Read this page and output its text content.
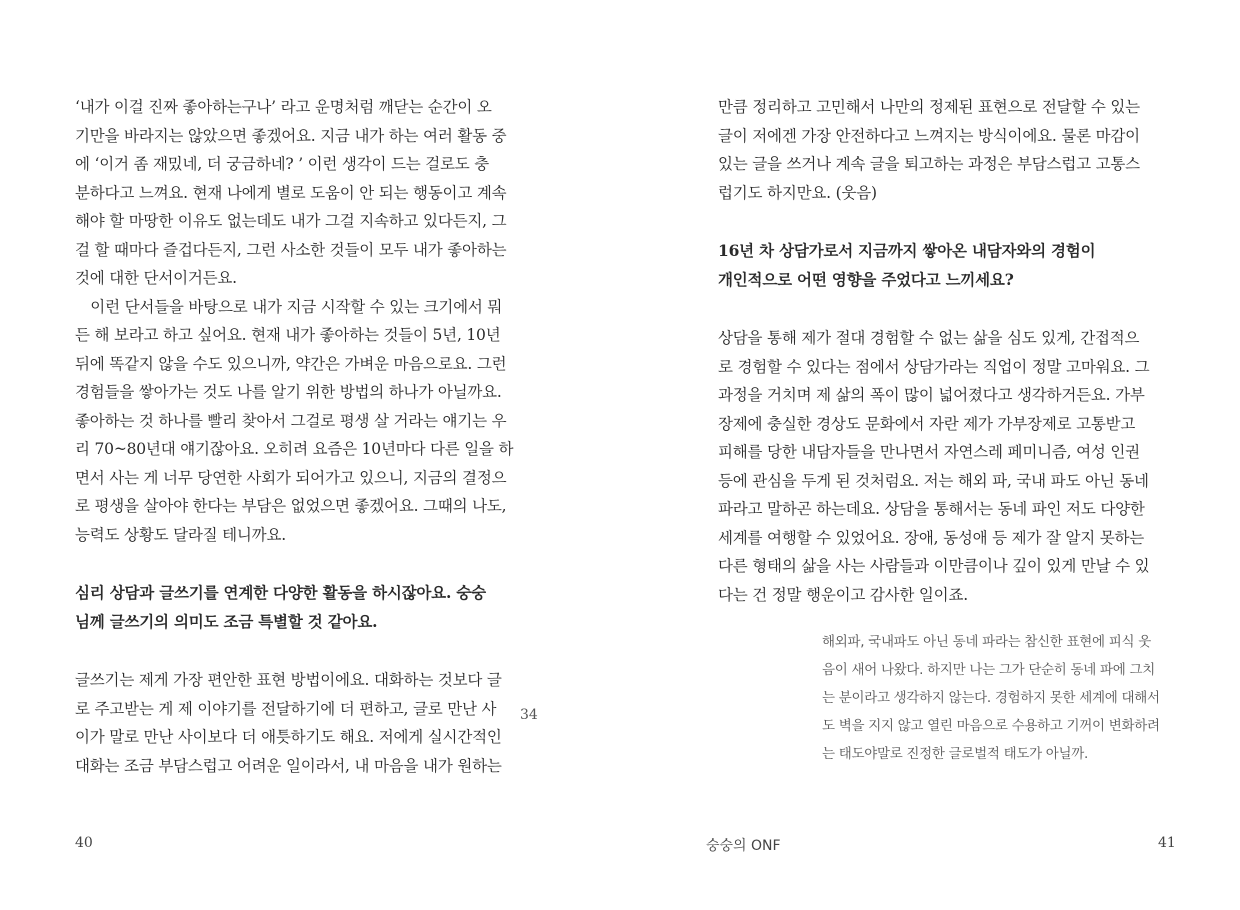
‘내가 이걸 진짜 좋아하는구나’ 라고 운명처럼 깨닫는 순간이 오

기만을 바라지는 않았으면 좋겠어요. 지금 내가 하는 여러 활동 중

에 ‘이거 좀 재밌네, 더 궁금하네? ’ 이런 생각이 드는 걸로도 충

분하다고 느껴요. 현재 나에게 별로 도움이 안 되는 행동이고 계속

해야 할 마땅한 이유도 없는데도 내가 그걸 지속하고 있다든지, 그

걸 할 때마다 즐겁다든지, 그런 사소한 것들이 모두 내가 좋아하는

것에 대한 단서이거든요.

　이런 단서들을 바탕으로 내가 지금 시작할 수 있는 크기에서 뭐

든 해 보라고 하고 싶어요. 현재 내가 좋아하는 것들이 5년, 10년

뒤에 똑같지 않을 수도 있으니까, 약간은 가벼운 마음으로요. 그런

경험들을 쌓아가는 것도 나를 알기 위한 방법의 하나가 아닐까요.

좋아하는 것 하나를 빨리 찾아서 그걸로 평생 살 거라는 얘기는 우

리 70~80년대 얘기잖아요. 오히려 요즘은 10년마다 다른 일을 하

면서 사는 게 너무 당연한 사회가 되어가고 있으니, 지금의 결정으

로 평생을 살아야 한다는 부담은 없었으면 좋겠어요. 그때의 나도,

능력도 상황도 달라질 테니까요.

심리 상담과 글쓰기를 연계한 다양한 활동을 하시잖아요. 숭숭

님께 글쓰기의 의미도 조금 특별할 것 같아요.

글쓰기는 제게 가장 편안한 표현 방법이에요. 대화하는 것보다 글

로 주고받는 게 제 이야기를 전달하기에 더 편하고, 글로 만난 사

이가 말로 만난 사이보다 더 애틋하기도 해요. 저에게 실시간적인

대화는 조금 부담스럽고 어려운 일이라서, 내 마음을 내가 원하는

34
40

만큼 정리하고 고민해서 나만의 정제된 표현으로 전달할 수 있는

글이 저에겐 가장 안전하다고 느껴지는 방식이에요. 물론 마감이

있는 글을 쓰거나 계속 글을 퇴고하는 과정은 부담스럽고 고통스

럽기도 하지만요. (웃음)

16년 차 상담가로서 지금까지 쌓아온 내담자와의 경험이

개인적으로 어떤 영향을 주었다고 느끼세요?

상담을 통해 제가 절대 경험할 수 없는 삶을 심도 있게, 간접적으

로 경험할 수 있다는 점에서 상담가라는 직업이 정말 고마워요. 그

과정을 거치며 제 삶의 폭이 많이 넓어졌다고 생각하거든요. 가부

장제에 충실한 경상도 문화에서 자란 제가 가부장제로 고통받고

피해를 당한 내담자들을 만나면서 자연스레 페미니즘, 여성 인권

등에 관심을 두게 된 것처럼요. 저는 해외 파, 국내 파도 아닌 동네

파라고 말하곤 하는데요. 상담을 통해서는 동네 파인 저도 다양한

세계를 여행할 수 있었어요. 장애, 동성애 등 제가 잘 알지 못하는

다른 형태의 삶을 사는 사람들과 이만큼이나 깊이 있게 만날 수 있

다는 건 정말 행운이고 감사한 일이죠.

해외파, 국내파도 아닌 동네 파라는 참신한 표현에 피식 웃

음이 새어 나왔다. 하지만 나는 그가 단순히 동네 파에 그치

는 분이라고 생각하지 않는다. 경험하지 못한 세계에 대해서

도 벽을 지지 않고 열린 마음으로 수용하고 기꺼이 변화하려

는 태도야말로 진정한 글로벌적 태도가 아닐까.

숭숭의 ONF	41
